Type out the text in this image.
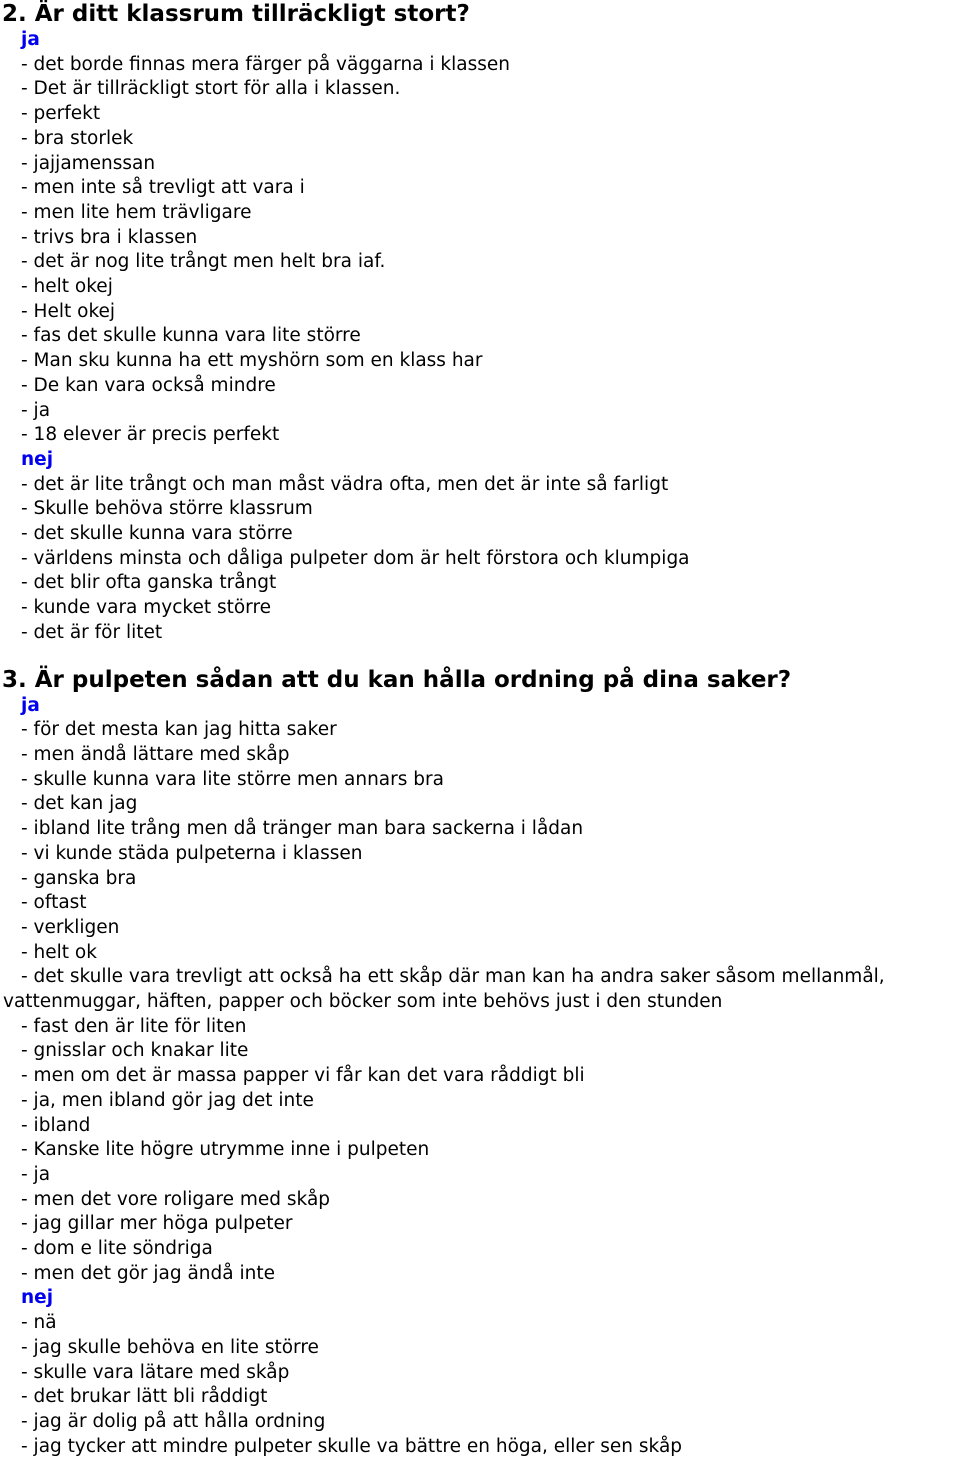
2. Är ditt klassrum tillräckligt stort?
ja
- det borde finnas mera färger på väggarna i klassen
- Det är tillräckligt stort för alla i klassen.
- perfekt
- bra storlek
- jajjamenssan
- men inte så trevligt att vara i
- men lite hem trävligare
- trivs bra i klassen
- det är nog lite trångt men helt bra iaf.
- helt okej
- Helt okej
- fas det skulle kunna vara lite större
- Man sku kunna ha ett myshörn som en klass har
- De kan vara också mindre
- ja
- 18 elever är precis perfekt
nej
- det är lite trångt och man måst vädra ofta, men det är inte så farligt
- Skulle behöva större klassrum
- det skulle kunna vara större
- världens minsta och dåliga pulpeter dom är helt förstora och klumpiga
- det blir ofta ganska trångt
- kunde vara mycket större
- det är för litet
3. Är pulpeten sådan att du kan hålla ordning på dina saker?
ja
- för det mesta kan jag hitta saker
- men ändå lättare med skåp
- skulle kunna vara lite större men annars bra
- det kan jag
- ibland lite trång men då tränger man bara sackerna i lådan
- vi kunde städa pulpeterna i klassen
- ganska bra
- oftast
- verkligen
- helt ok
- det skulle vara trevligt att också ha ett skåp där man kan ha andra saker såsom mellanmål, vattenmuggar, häften, papper och böcker som inte behövs just i den stunden
- fast den är lite för liten
- gnisslar och knakar lite
- men om det är massa papper vi får kan det vara råddigt bli
- ja, men ibland gör jag det inte
- ibland
- Kanske lite högre utrymme inne i pulpeten
- ja
- men det vore roligare med skåp
- jag gillar mer höga pulpeter
- dom e lite söndriga
- men det gör jag ändå inte
nej
- nä
- jag skulle behöva en lite större
- skulle vara lätare med skåp
- det brukar lätt bli råddigt
- jag är dolig på att hålla ordning
- jag tycker att mindre pulpeter skulle va bättre en höga, eller sen skåp
